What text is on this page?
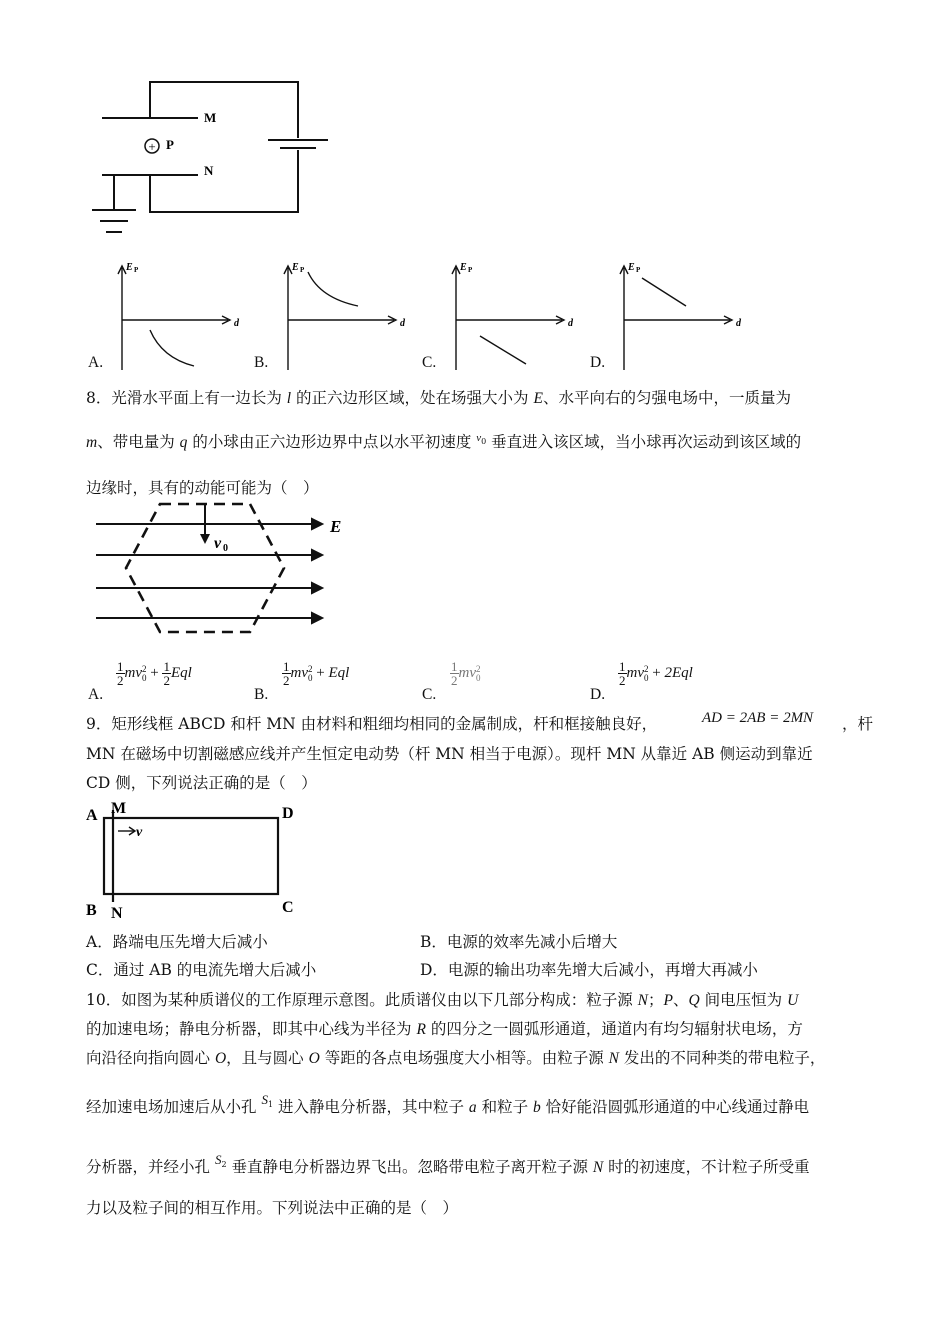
+
M
P
N
A.
E P
d
B.
E P
d
C.
E P
d
D.
E P
d
8．光滑水平面上有一边长为 l 的正六边形区域，处在场强大小为 E、水平向右的匀强电场中，一质量为
m、带电量为 q 的小球由正六边形边界中点以水平初速度 $^v$0 垂直进入该区域，当小球再次运动到该区域的
边缘时，具有的动能可能为（　）
E
v 0
A.
$\frac{1}{2}$ mv 2
$0 + \frac{1}{2}$ Eql
B.
$\frac{1}{2}$ mv 2
0 + Eql
C.
$\frac{1}{2}$ mv 2
0
D.
$\frac{1}{2}$ mv 2
0 + 2Eql
9．矩形线框 ABCD 和杆 MN 由材料和粗细均相同的金属制成，杆和框接触良好，	AD = 2AB = 2MN ，杆
MN 在磁场中切割磁感应线并产生恒定电动势（杆 MN 相当于电源）。现杆 MN 从靠近 AB 侧运动到靠近
CD 侧，下列说法正确的是（　）
A M	D
B N	C
v
A．路端电压先增大后减小	B．电源的效率先减小后增大
C．通过 AB 的电流先增大后减小	D．电源的输出功率先增大后减小，再增大再减小
10．如图为某种质谱仪的工作原理示意图。此质谱仪由以下几部分构成：粒子源 N；P、Q 间电压恒为 U
的加速电场；静电分析器，即其中心线为半径为 R 的四分之一圆弧形通道，通道内有均匀辐射状电场，方
向沿径向指向圆心 O，且与圆心 O 等距的各点电场强度大小相等。由粒子源 N 发出的不同种类的带电粒子，
经加速电场加速后从小孔 $^{S1}$ 进入静电分析器，其中粒子 a 和粒子 b 恰好能沿圆弧形通道的中心线通过静电
分析器，并经小孔 $^{S2}$ 垂直静电分析器边界飞出。忽略带电粒子离开粒子源 N 时的初速度，不计粒子所受重
力以及粒子间的相互作用。下列说法中正确的是（　）
